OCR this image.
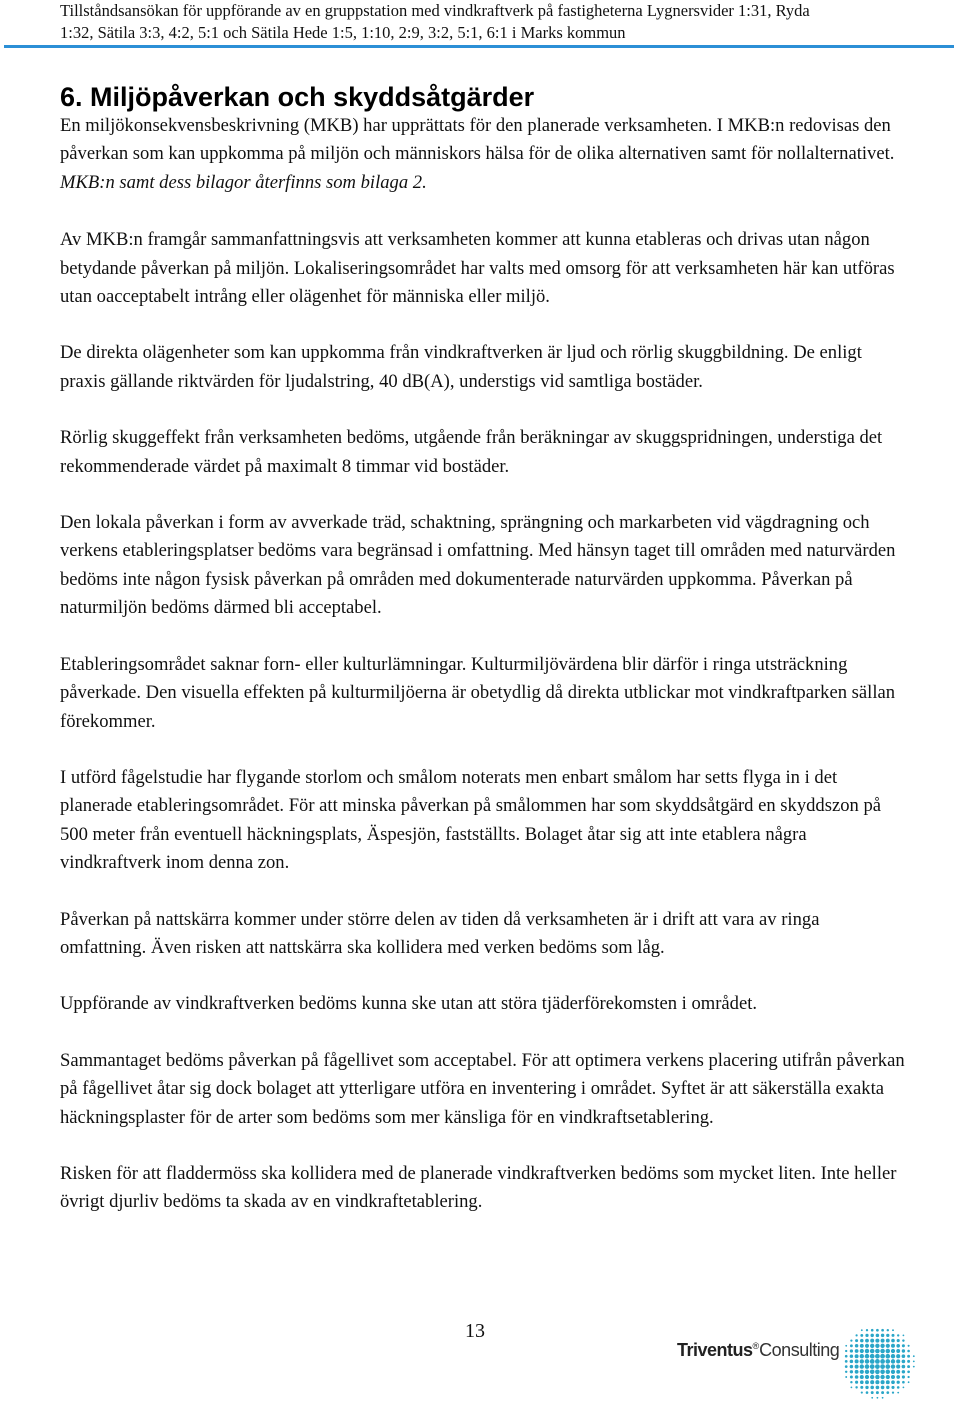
Tillståndsansökan för uppförande av en gruppstation med vindkraftverk på fastigheterna Lygnersvider 1:31, Ryda
1:32, Sätila 3:3, 4:2, 5:1 och Sätila Hede 1:5, 1:10, 2:9, 3:2, 5:1, 6:1 i Marks kommun
6. Miljöpåverkan och skyddsåtgärder

En miljökonsekvensbeskrivning (MKB) har upprättats för den planerade verksamheten. I MKB:n redovisas den påverkan som kan uppkomma på miljön och människors hälsa för de olika alternativen samt för nollalternativet. MKB:n samt dess bilagor återfinns som bilaga 2.

Av MKB:n framgår sammanfattningsvis att verksamheten kommer att kunna etableras och drivas utan någon betydande påverkan på miljön. Lokaliseringsområdet har valts med omsorg för att verksamheten här kan utföras utan oacceptabelt intrång eller olägenhet för människa eller miljö.

De direkta olägenheter som kan uppkomma från vindkraftverken är ljud och rörlig skuggbildning. De enligt praxis gällande riktvärden för ljudalstring, 40 dB(A), understigs vid samtliga bostäder.

Rörlig skuggeffekt från verksamheten bedöms, utgående från beräkningar av skuggspridningen, understiga det rekommenderade värdet på maximalt 8 timmar vid bostäder.

Den lokala påverkan i form av avverkade träd, schaktning, sprängning och markarbeten vid vägdragning och verkens etableringsplatser bedöms vara begränsad i omfattning. Med hänsyn taget till områden med naturvärden bedöms inte någon fysisk påverkan på områden med dokumenterade naturvärden uppkomma. Påverkan på naturmiljön bedöms därmed bli acceptabel.

Etableringsområdet saknar forn- eller kulturlämningar. Kulturmiljövärdena blir därför i ringa utsträckning påverkade. Den visuella effekten på kulturmiljöerna är obetydlig då direkta utblickar mot vindkraftparken sällan förekommer.

I utförd fågelstudie har flygande storlom och smålom noterats men enbart smålom har setts flyga in i det planerade etableringsområdet. För att minska påverkan på smålommen har som skyddsåtgärd en skyddszon på 500 meter från eventuell häckningsplats, Äspesjön, fastställts. Bolaget åtar sig att inte etablera några vindkraftverk inom denna zon.

Påverkan på nattskärra kommer under större delen av tiden då verksamheten är i drift att vara av ringa omfattning. Även risken att nattskärra ska kollidera med verken bedöms som låg.

Uppförande av vindkraftverken bedöms kunna ske utan att störa tjäderförekomsten i området.

Sammantaget bedöms påverkan på fågellivet som acceptabel. För att optimera verkens placering utifrån påverkan på fågellivet åtar sig dock bolaget att ytterligare utföra en inventering i området. Syftet är att säkerställa exakta häckningsplaster för de arter som bedöms som mer känsliga för en vindkraftsetablering.

Risken för att fladdermöss ska kollidera med de planerade vindkraftverken bedöms som mycket liten. Inte heller övrigt djurliv bedöms ta skada av en vindkraftetablering.

13
Triventus®Consulting
